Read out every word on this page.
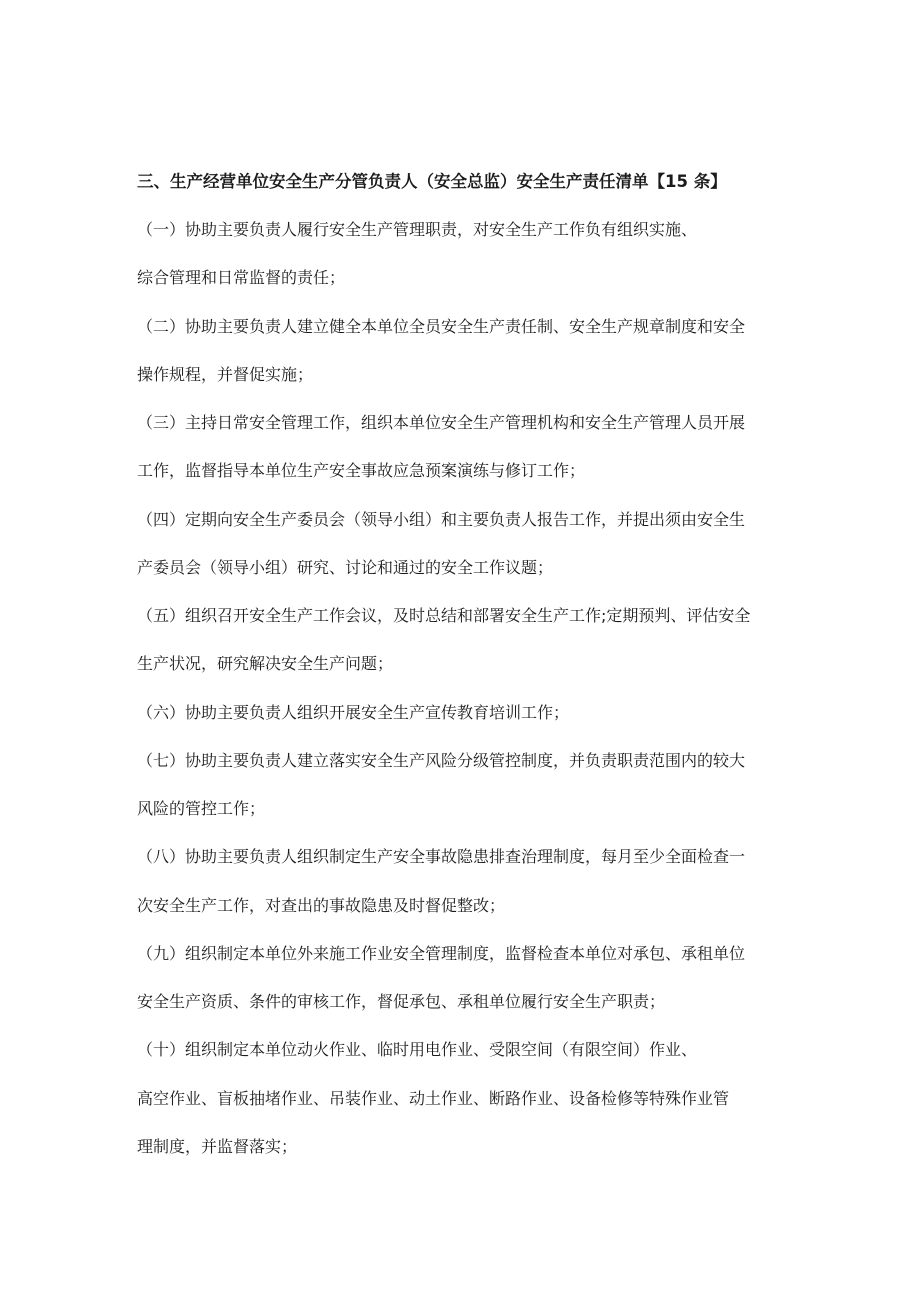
三、生产经营单位安全生产分管负责人（安全总监）安全生产责任清单【15 条】
（一）协助主要负责人履行安全生产管理职责，对安全生产工作负有组织实施、
综合管理和日常监督的责任；
（二）协助主要负责人建立健全本单位全员安全生产责任制、安全生产规章制度和安全
操作规程，并督促实施；
（三）主持日常安全管理工作，组织本单位安全生产管理机构和安全生产管理人员开展
工作，监督指导本单位生产安全事故应急预案演练与修订工作；
（四）定期向安全生产委员会（领导小组）和主要负责人报告工作，并提出须由安全生
产委员会（领导小组）研究、讨论和通过的安全工作议题；
（五）组织召开安全生产工作会议，及时总结和部署安全生产工作;定期预判、评估安全
生产状况，研究解决安全生产问题；
（六）协助主要负责人组织开展安全生产宣传教育培训工作；
（七）协助主要负责人建立落实安全生产风险分级管控制度，并负责职责范围内的较大
风险的管控工作；
（八）协助主要负责人组织制定生产安全事故隐患排查治理制度，每月至少全面检查一
次安全生产工作，对查出的事故隐患及时督促整改；
（九）组织制定本单位外来施工作业安全管理制度，监督检查本单位对承包、承租单位
安全生产资质、条件的审核工作，督促承包、承租单位履行安全生产职责；
（十）组织制定本单位动火作业、临时用电作业、受限空间（有限空间）作业、
高空作业、盲板抽堵作业、吊装作业、动土作业、断路作业、设备检修等特殊作业管
理制度，并监督落实；
